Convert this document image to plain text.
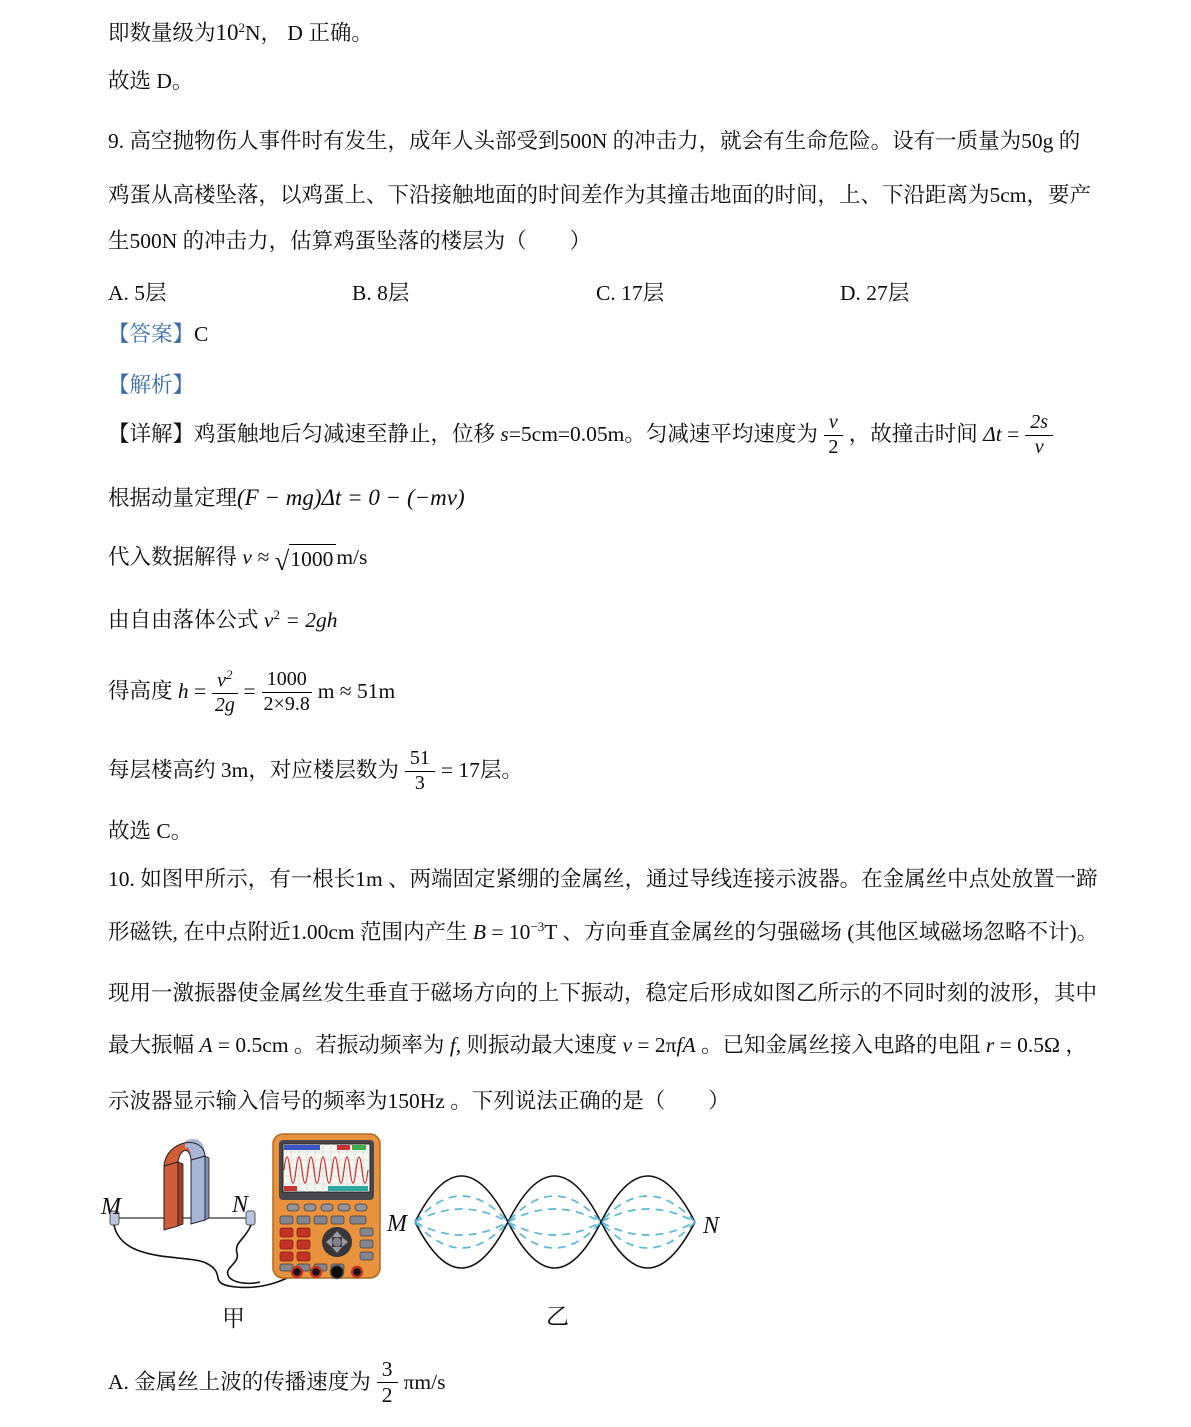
即数量级为$10^2N$， D 正确。
故选 D。
9. 高空抛物伤人事件时有发生，成年人头部受到500N 的冲击力，就会有生命危险。设有一质量为50g 的
鸡蛋从高楼坠落，以鸡蛋上、下沿接触地面的时间差作为其撞击地面的时间，上、下沿距离为5cm，要产
生500N 的冲击力，估算鸡蛋坠落的楼层为（　　）
A. 5层	B. 8层	C. 17层	D. 27层
【答案】C
【解析】
【详解】 鸡蛋触地后匀减速至静止，位移 s =5cm=0.05m。匀减速平均速度为 $\frac{v}{2}$ ，故撞击时间 $\Delta t = \frac{2s}{v}$
根据动量定理(F − mg)Δt = 0 − (−mv)
代入数据解得 v ≈ √ 1000 m/s
由自由落体公式 $v^2 = 2gh$
得高度 $h = \frac{v^2}{2g} = \frac{1000}{2\times 9.8}$ m ≈ 51m
每层楼高约 3m，对应楼层数为 $\frac{51}{3} = 17$层。
故选 C。
10. 如图甲所示，有一根长1m 、两端固定紧绷的金属丝，通过导线连接示波器。在金属丝中点处放置一蹄
形磁铁, 在中点附近1.00cm 范围内产生 $B = 10^{-3}T$ 、方向垂直金属丝的匀强磁场 (其他区域磁场忽略不计)。
现用一激振器使金属丝发生垂直于磁场方向的上下振动，稳定后形成如图乙所示的不同时刻的波形，其中
最大振幅 A = 0.5cm 。若振动频率为 f, 则振动最大速度 v = 2πfA 。已知金属丝接入电路的电阻 r = 0.5Ω ，
示波器显示输入信号的频率为150Hz 。下列说法正确的是（　　）
M	N
M	N
甲	乙
A. 金属丝上波的传播速度为 $\frac{3}{2} \pi m/s$
